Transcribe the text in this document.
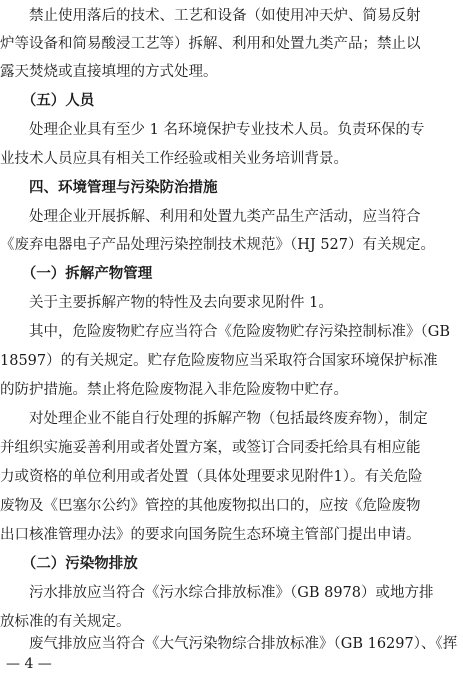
　　禁止使用落后的技术、工艺和设备（如使用冲天炉、简易反射
炉等设备和简易酸浸工艺等）拆解、利用和处置九类产品；禁止以
露天焚烧或直接填埋的方式处理。
　　（五）人员
　　处理企业具有至少 1 名环境保护专业技术人员。负责环保的专
业技术人员应具有相关工作经验或相关业务培训背景。
　　四、环境管理与污染防治措施
　　处理企业开展拆解、利用和处置九类产品生产活动，应当符合
《废弃电器电子产品处理污染控制技术规范》（HJ 527）有关规定。
　　（一）拆解产物管理
　　关于主要拆解产物的特性及去向要求见附件 1。
　　其中，危险废物贮存应当符合《危险废物贮存污染控制标准》（GB
18597）的有关规定。贮存危险废物应当采取符合国家环境保护标准
的防护措施。禁止将危险废物混入非危险废物中贮存。
　　对处理企业不能自行处理的拆解产物（包括最终废弃物），制定
并组织实施妥善利用或者处置方案，或签订合同委托给具有相应能
力或资格的单位利用或者处置（具体处理要求见附件1）。有关危险
废物及《巴塞尔公约》管控的其他废物拟出口的，应按《危险废物
出口核准管理办法》的要求向国务院生态环境主管部门提出申请。
　　（二）污染物排放
　　污水排放应当符合《污水综合排放标准》（GB 8978）或地方排
放标准的有关规定。
　　废气排放应当符合《大气污染物综合排放标准》（GB 16297）、《挥
— 4 —
